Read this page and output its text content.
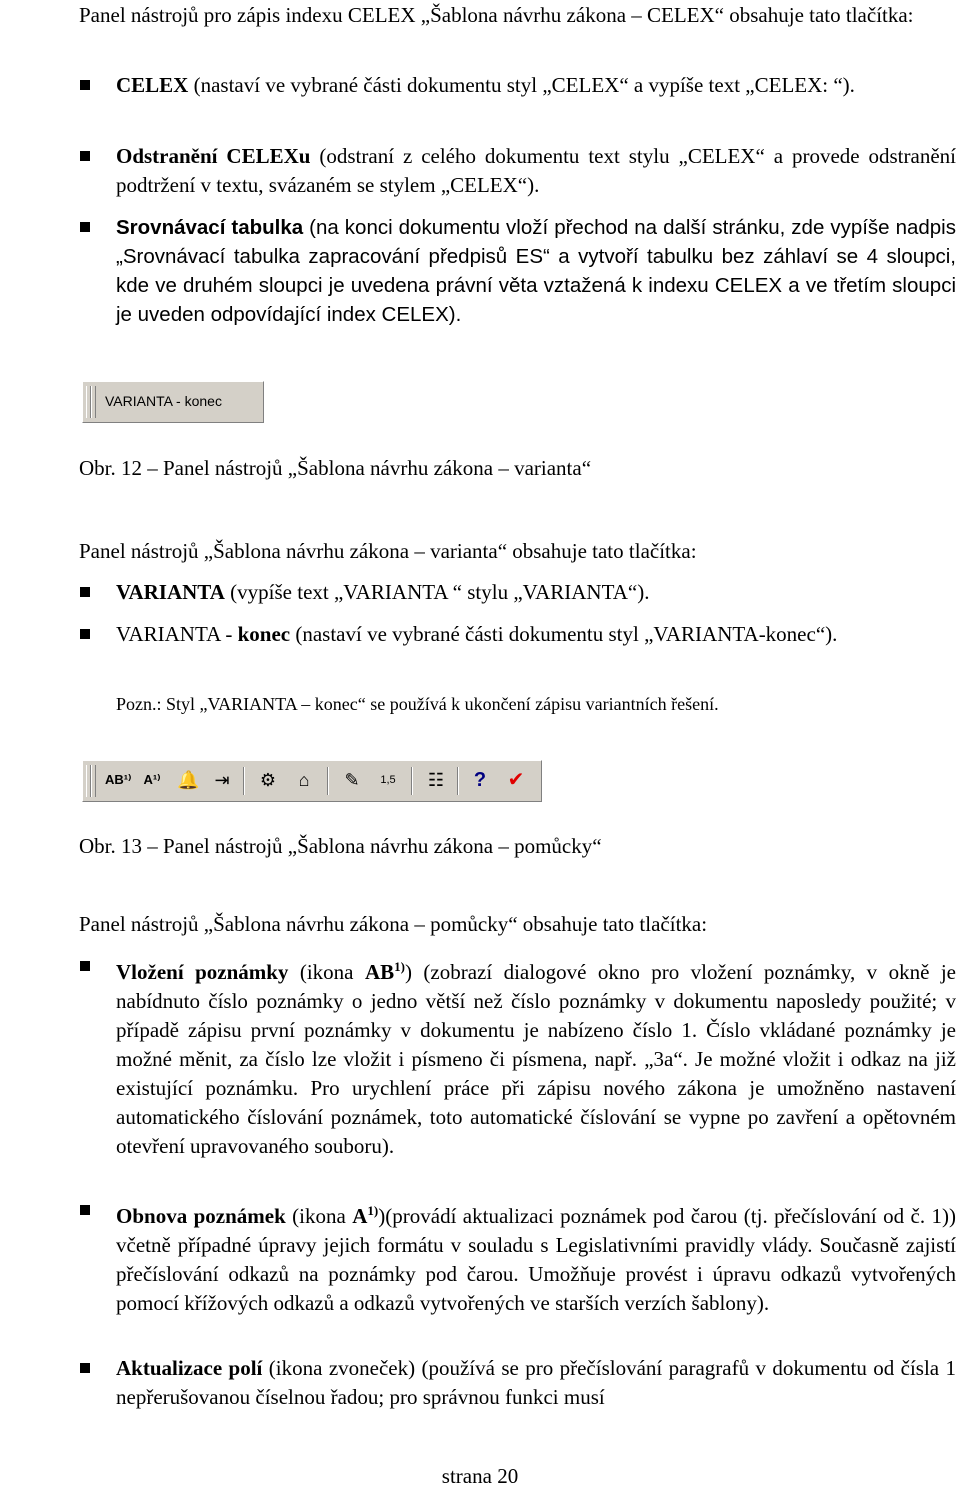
Panel nástrojů pro zápis indexu CELEX „Šablona návrhu zákona – CELEX“ obsahuje tato tlačítka:

CELEX (nastaví ve vybrané části dokumentu styl „CELEX“ a vypíše text „CELEX: “).
Odstranění CELEXu (odstraní z celého dokumentu text stylu „CELEX“ a provede odstranění podtržení v textu, svázaném se stylem „CELEX“).
Srovnávací tabulka (na konci dokumentu vloží přechod na další stránku, zde vypíše nadpis „Srovnávací tabulka zapracování předpisů ES“ a vytvoří tabulku bez záhlaví se 4 sloupci, kde ve druhém sloupci je uvedena právní věta vztažená k indexu CELEX a ve třetím sloupci je uveden odpovídající index CELEX).
VARIANTA - konec

Obr. 12 – Panel nástrojů „Šablona návrhu zákona – varianta“

Panel nástrojů „Šablona návrhu zákona – varianta“ obsahuje tato tlačítka:

VARIANTA (vypíše text „VARIANTA “ stylu „VARIANTA“).
VARIANTA - konec (nastaví ve vybrané části dokumentu styl „VARIANTA-konec“).

Pozn.: Styl „VARIANTA – konec“ se používá k ukončení zápisu variantních řešení.

AB¹⁾ A¹⁾ 🔔 ⇥ ⚙	⌂	✎	1,5 ☷ ? ✔

Obr. 13 – Panel nástrojů „Šablona návrhu zákona – pomůcky“

Panel nástrojů „Šablona návrhu zákona – pomůcky“ obsahuje tato tlačítka:

Vložení poznámky (ikona AB$^{1)}$) (zobrazí dialogové okno pro vložení poznámky, v okně je nabídnuto číslo poznámky o jedno větší než číslo poznámky v dokumentu naposledy použité; v případě zápisu první poznámky v dokumentu je nabízeno číslo 1. Číslo vkládané poznámky je možné měnit, za číslo lze vložit i písmeno či písmena, např. „3a“. Je možné vložit i odkaz na již existující poznámku. Pro urychlení práce při zápisu nového zákona je umožněno nastavení automatického číslování poznámek, toto automatické číslování se vypne po zavření a opětovném otevření upravovaného souboru).
Obnova poznámek (ikona $A^{1)})(provádí$ aktualizaci poznámek pod čarou (tj. přečíslování od č. 1)) včetně případné úpravy jejich formátu v souladu s Legislativními pravidly vlády. Současně zajistí přečíslování odkazů na poznámky pod čarou. Umožňuje provést i úpravu odkazů vytvořených pomocí křížových odkazů a odkazů vytvořených ve starších verzích šablony).
Aktualizace polí (ikona zvoneček) (používá se pro přečíslování paragrafů v dokumentu od čísla 1 nepřerušovanou číselnou řadou; pro správnou funkci musí
strana 20
